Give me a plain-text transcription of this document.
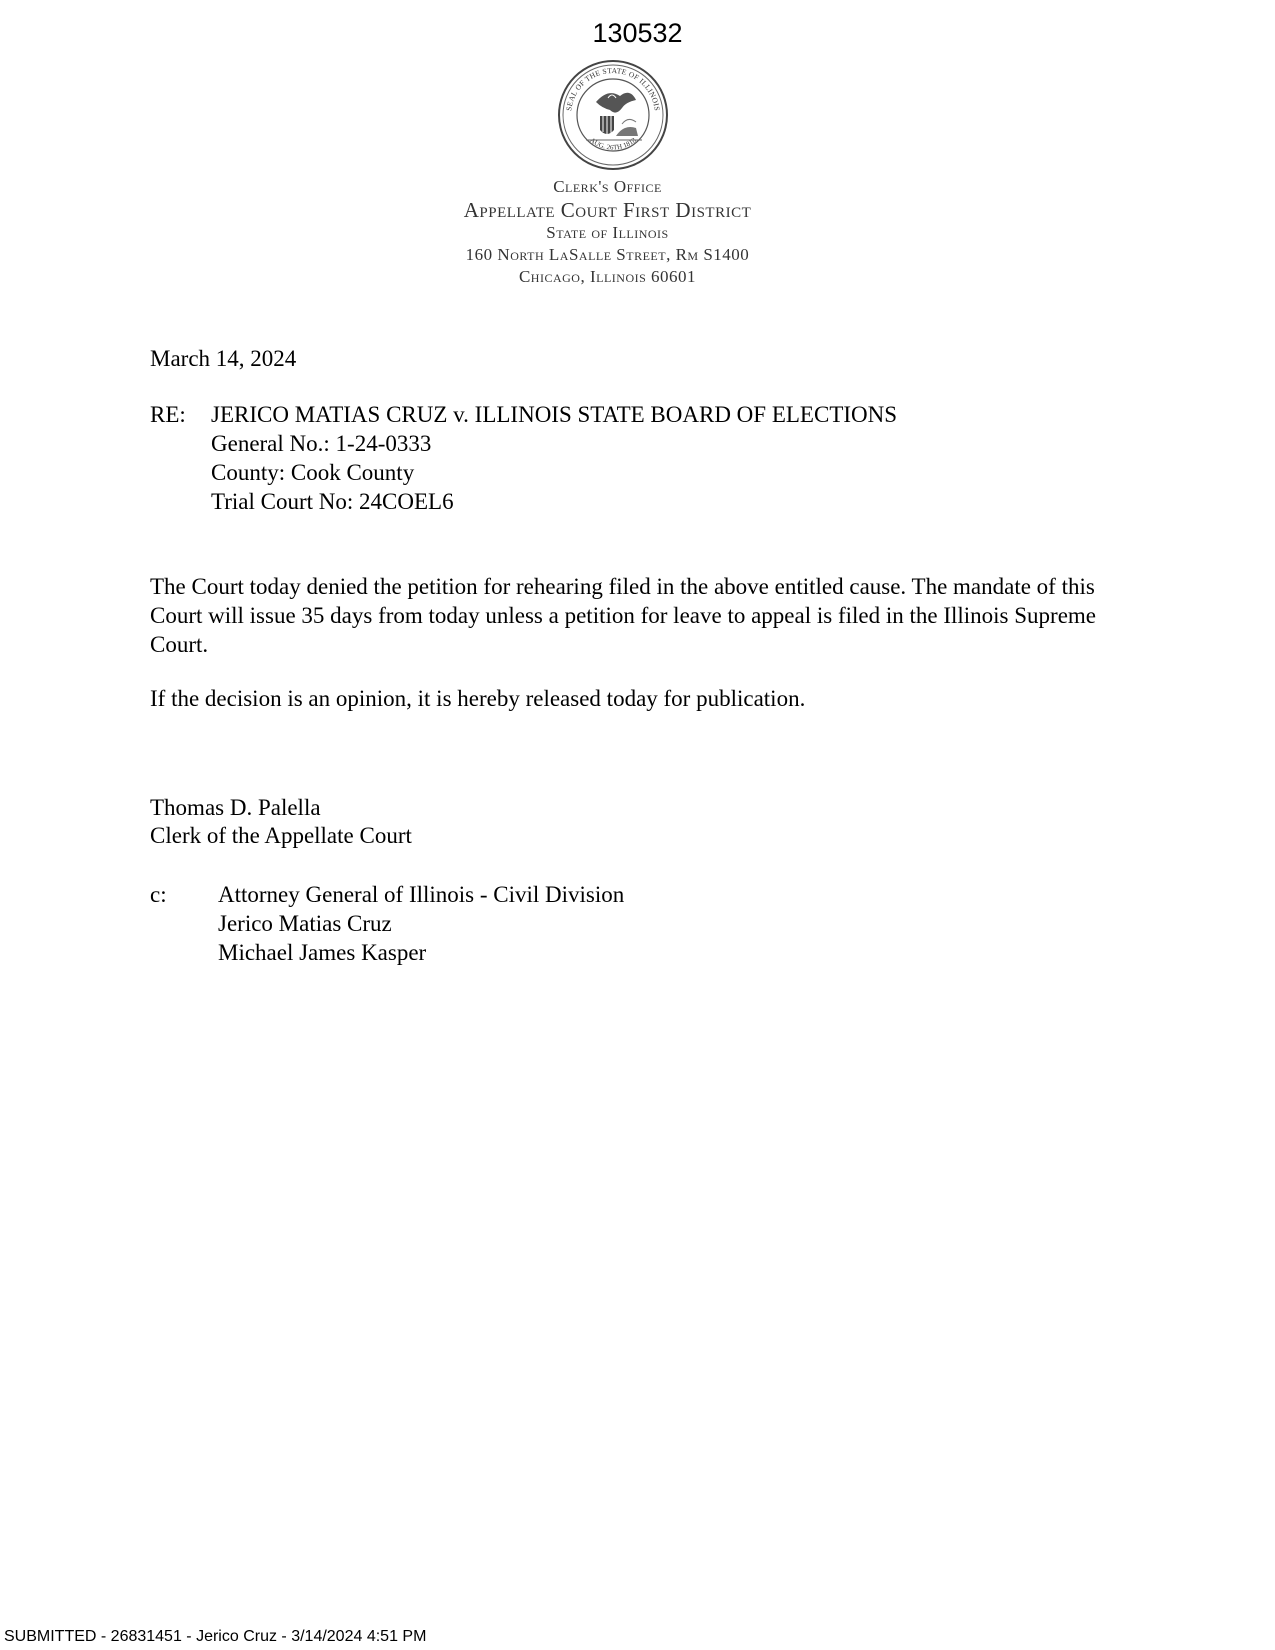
130532
SEAL OF THE STATE OF ILLINOIS
AUG. 26TH 1818
Clerk's Office
Appellate Court First District
State of Illinois
160 North LaSalle Street, Rm S1400
Chicago, Illinois 60601
March 14, 2024
RE:	JERICO MATIAS CRUZ v. ILLINOIS STATE BOARD OF ELECTIONS
General No.: 1-24-0333
County: Cook County
Trial Court No: 24COEL6
The Court today denied the petition for rehearing filed in the above entitled cause. The mandate of this Court will issue 35 days from today unless a petition for leave to appeal is filed in the Illinois Supreme Court.
If the decision is an opinion, it is hereby released today for publication.
Thomas D. Palella
Clerk of the Appellate Court
c:	Attorney General of Illinois - Civil Division
Jerico Matias Cruz
Michael James Kasper
SUBMITTED - 26831451 - Jerico Cruz - 3/14/2024 4:51 PM
